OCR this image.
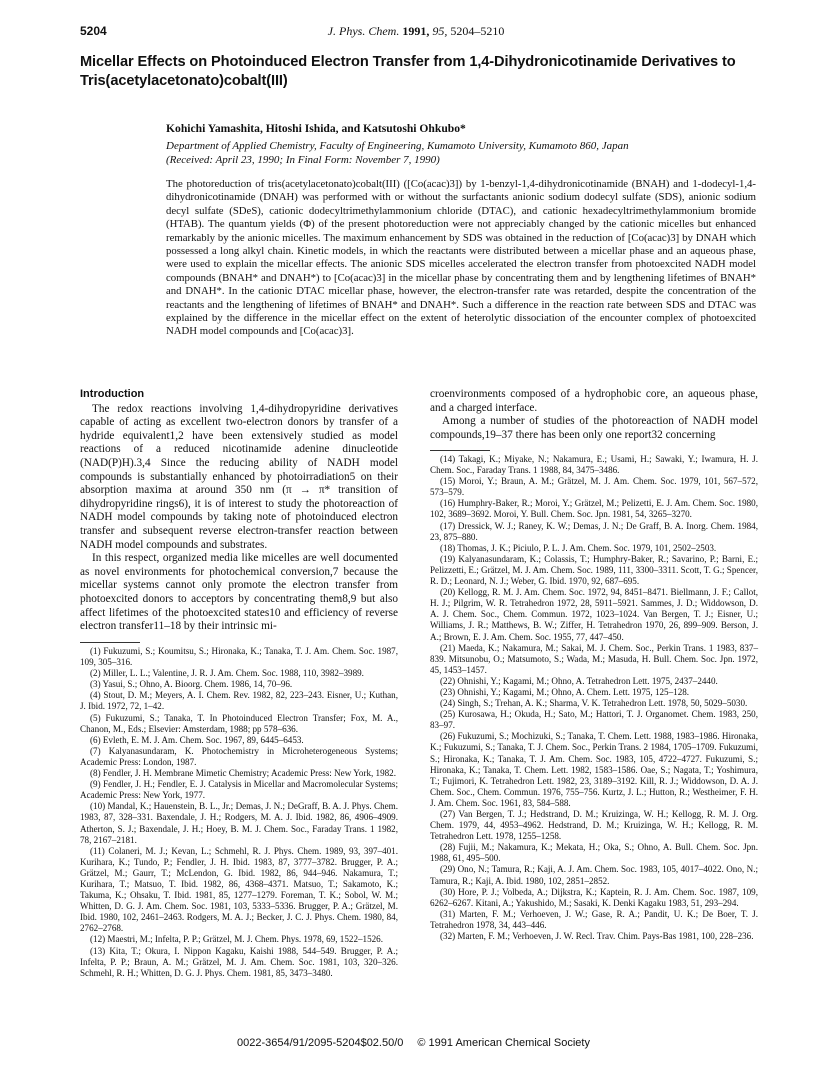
5204	J. Phys. Chem. 1991, 95, 5204–5210
Micellar Effects on Photoinduced Electron Transfer from 1,4-Dihydronicotinamide Derivatives to Tris(acetylacetonato)cobalt(III)
Kohichi Yamashita, Hitoshi Ishida, and Katsutoshi Ohkubo*
Department of Applied Chemistry, Faculty of Engineering, Kumamoto University, Kumamoto 860, Japan
(Received: April 23, 1990; In Final Form: November 7, 1990)
The photoreduction of tris(acetylacetonato)cobalt(III) ([Co(acac)3]) by 1-benzyl-1,4-dihydronicotinamide (BNAH) and 1-dodecyl-1,4-dihydronicotinamide (DNAH) was performed with or without the surfactants anionic sodium dodecyl sulfate (SDS), anionic sodium decyl sulfate (SDeS), cationic dodecyltrimethylammonium chloride (DTAC), and cationic hexadecyltrimethylammonium bromide (HTAB). The quantum yields (Φ) of the present photoreduction were not appreciably changed by the cationic micelles but enhanced remarkably by the anionic micelles. The maximum enhancement by SDS was obtained in the reduction of [Co(acac)3] by DNAH which possessed a long alkyl chain. Kinetic models, in which the reactants were distributed between a micellar phase and an aqueous phase, were used to explain the micellar effects. The anionic SDS micelles accelerated the electron transfer from photoexcited NADH model compounds (BNAH* and DNAH*) to [Co(acac)3] in the micellar phase by concentrating them and by lengthening lifetimes of BNAH* and DNAH*. In the cationic DTAC micellar phase, however, the electron-transfer rate was retarded, despite the concentration of the reactants and the lengthening of lifetimes of BNAH* and DNAH*. Such a difference in the reaction rate between SDS and DTAC was explained by the difference in the micellar effect on the extent of heterolytic dissociation of the encounter complex of photoexcited NADH model compounds and [Co(acac)3].
Introduction

The redox reactions involving 1,4-dihydropyridine derivatives capable of acting as excellent two-electron donors by transfer of a hydride equivalent1,2 have been extensively studied as model reactions of a reduced nicotinamide adenine dinucleotide (NAD(P)H).3,4 Since the reducing ability of NADH model compounds is substantially enhanced by photoirradiation5 on their absorption maxima at around 350 nm (π → π* transition of dihydropyridine rings6), it is of interest to study the photoreaction of NADH model compounds by taking note of photoinduced electron transfer and subsequent reverse electron-transfer reaction between NADH model compounds and substrates.

In this respect, organized media like micelles are well documented as novel environments for photochemical conversion,7 because the micellar systems cannot only promote the electron transfer from photoexcited donors to acceptors by concentrating them8,9 but also affect lifetimes of the photoexcited states10 and efficiency of reverse electron transfer11–18 by their intrinsic mi-

croenvironments composed of a hydrophobic core, an aqueous phase, and a charged interface.

Among a number of studies of the photoreaction of NADH model compounds,19–37 there has been only one report32 concerning

(1) Fukuzumi, S.; Koumitsu, S.; Hironaka, K.; Tanaka, T. J. Am. Chem. Soc. 1987, 109, 305–316.

(2) Miller, L. L.; Valentine, J. R. J. Am. Chem. Soc. 1988, 110, 3982–3989.

(3) Yasui, S.; Ohno, A. Bioorg. Chem. 1986, 14, 70–96.

(4) Stout, D. M.; Meyers, A. I. Chem. Rev. 1982, 82, 223–243. Eisner, U.; Kuthan, J. Ibid. 1972, 72, 1–42.

(5) Fukuzumi, S.; Tanaka, T. In Photoinduced Electron Transfer; Fox, M. A., Chanon, M., Eds.; Elsevier: Amsterdam, 1988; pp 578–636.

(6) Evleth, E. M. J. Am. Chem. Soc. 1967, 89, 6445–6453.

(7) Kalyanasundaram, K. Photochemistry in Microheterogeneous Systems; Academic Press: London, 1987.

(8) Fendler, J. H. Membrane Mimetic Chemistry; Academic Press: New York, 1982.

(9) Fendler, J. H.; Fendler, E. J. Catalysis in Micellar and Macromolecular Systems; Academic Press: New York, 1977.

(10) Mandal, K.; Hauenstein, B. L., Jr.; Demas, J. N.; DeGraff, B. A. J. Phys. Chem. 1983, 87, 328–331. Baxendale, J. H.; Rodgers, M. A. J. Ibid. 1982, 86, 4906–4909. Atherton, S. J.; Baxendale, J. H.; Hoey, B. M. J. Chem. Soc., Faraday Trans. 1 1982, 78, 2167–2181.

(11) Colaneri, M. J.; Kevan, L.; Schmehl, R. J. Phys. Chem. 1989, 93, 397–401. Kurihara, K.; Tundo, P.; Fendler, J. H. Ibid. 1983, 87, 3777–3782. Brugger, P. A.; Grätzel, M.; Gaurr, T.; McLendon, G. Ibid. 1982, 86, 944–946. Nakamura, T.; Kurihara, T.; Matsuo, T. Ibid. 1982, 86, 4368–4371. Matsuo, T.; Sakamoto, K.; Takuma, K.; Ohsaku, T. Ibid. 1981, 85, 1277–1279. Foreman, T. K.; Sobol, W. M.; Whitten, D. G. J. Am. Chem. Soc. 1981, 103, 5333–5336. Brugger, P. A.; Grätzel, M. Ibid. 1980, 102, 2461–2463. Rodgers, M. A. J.; Becker, J. C. J. Phys. Chem. 1980, 84, 2762–2768.

(12) Maestri, M.; Infelta, P. P.; Grätzel, M. J. Chem. Phys. 1978, 69, 1522–1526.

(13) Kita, T.; Okura, I. Nippon Kagaku, Kaishi 1988, 544–549. Brugger, P. A.; Infelta, P. P.; Braun, A. M.; Grätzel, M. J. Am. Chem. Soc. 1981, 103, 320–326. Schmehl, R. H.; Whitten, D. G. J. Phys. Chem. 1981, 85, 3473–3480.

(14) Takagi, K.; Miyake, N.; Nakamura, E.; Usami, H.; Sawaki, Y.; Iwamura, H. J. Chem. Soc., Faraday Trans. 1 1988, 84, 3475–3486.

(15) Moroi, Y.; Braun, A. M.; Grätzel, M. J. Am. Chem. Soc. 1979, 101, 567–572, 573–579.

(16) Humphry-Baker, R.; Moroi, Y.; Grätzel, M.; Pelizetti, E. J. Am. Chem. Soc. 1980, 102, 3689–3692. Moroi, Y. Bull. Chem. Soc. Jpn. 1981, 54, 3265–3270.

(17) Dressick, W. J.; Raney, K. W.; Demas, J. N.; De Graff, B. A. Inorg. Chem. 1984, 23, 875–880.

(18) Thomas, J. K.; Piciulo, P. L. J. Am. Chem. Soc. 1979, 101, 2502–2503.

(19) Kalyanasundaram, K.; Colassis, T.; Humphry-Baker, R.; Savarino, P.; Barni, E.; Pelizzetti, E.; Grätzel, M. J. Am. Chem. Soc. 1989, 111, 3300–3311. Scott, T. G.; Spencer, R. D.; Leonard, N. J.; Weber, G. Ibid. 1970, 92, 687–695.

(20) Kellogg, R. M. J. Am. Chem. Soc. 1972, 94, 8451–8471. Biellmann, J. F.; Callot, H. J.; Pilgrim, W. R. Tetrahedron 1972, 28, 5911–5921. Sammes, J. D.; Widdowson, D. A. J. Chem. Soc., Chem. Commun. 1972, 1023–1024. Van Bergen, T. J.; Eisner, U.; Williams, J. R.; Matthews, B. W.; Ziffer, H. Tetrahedron 1970, 26, 899–909. Berson, J. A.; Brown, E. J. Am. Chem. Soc. 1955, 77, 447–450.

(21) Maeda, K.; Nakamura, M.; Sakai, M. J. Chem. Soc., Perkin Trans. 1 1983, 837–839. Mitsunobu, O.; Matsumoto, S.; Wada, M.; Masuda, H. Bull. Chem. Soc. Jpn. 1972, 45, 1453–1457.

(22) Ohnishi, Y.; Kagami, M.; Ohno, A. Tetrahedron Lett. 1975, 2437–2440.

(23) Ohnishi, Y.; Kagami, M.; Ohno, A. Chem. Lett. 1975, 125–128.

(24) Singh, S.; Trehan, A. K.; Sharma, V. K. Tetrahedron Lett. 1978, 50, 5029–5030.

(25) Kurosawa, H.; Okuda, H.; Sato, M.; Hattori, T. J. Organomet. Chem. 1983, 250, 83–97.

(26) Fukuzumi, S.; Mochizuki, S.; Tanaka, T. Chem. Lett. 1988, 1983–1986. Hironaka, K.; Fukuzumi, S.; Tanaka, T. J. Chem. Soc., Perkin Trans. 2 1984, 1705–1709. Fukuzumi, S.; Hironaka, K.; Tanaka, T. J. Am. Chem. Soc. 1983, 105, 4722–4727. Fukuzumi, S.; Hironaka, K.; Tanaka, T. Chem. Lett. 1982, 1583–1586. Oae, S.; Nagata, T.; Yoshimura, T.; Fujimori, K. Tetrahedron Lett. 1982, 23, 3189–3192. Kill, R. J.; Widdowson, D. A. J. Chem. Soc., Chem. Commun. 1976, 755–756. Kurtz, J. L.; Hutton, R.; Westheimer, F. H. J. Am. Chem. Soc. 1961, 83, 584–588.

(27) Van Bergen, T. J.; Hedstrand, D. M.; Kruizinga, W. H.; Kellogg, R. M. J. Org. Chem. 1979, 44, 4953–4962. Hedstrand, D. M.; Kruizinga, W. H.; Kellogg, R. M. Tetrahedron Lett. 1978, 1255–1258.

(28) Fujii, M.; Nakamura, K.; Mekata, H.; Oka, S.; Ohno, A. Bull. Chem. Soc. Jpn. 1988, 61, 495–500.

(29) Ono, N.; Tamura, R.; Kaji, A. J. Am. Chem. Soc. 1983, 105, 4017–4022. Ono, N.; Tamura, R.; Kaji, A. Ibid. 1980, 102, 2851–2852.

(30) Hore, P. J.; Volbeda, A.; Dijkstra, K.; Kaptein, R. J. Am. Chem. Soc. 1987, 109, 6262–6267. Kitani, A.; Yakushido, M.; Sasaki, K. Denki Kagaku 1983, 51, 293–294.

(31) Marten, F. M.; Verhoeven, J. W.; Gase, R. A.; Pandit, U. K.; De Boer, T. J. Tetrahedron 1978, 34, 443–446.

(32) Marten, F. M.; Verhoeven, J. W. Recl. Trav. Chim. Pays-Bas 1981, 100, 228–236.

0022-3654/91/2095-5204$02.50/0 © 1991 American Chemical Society
